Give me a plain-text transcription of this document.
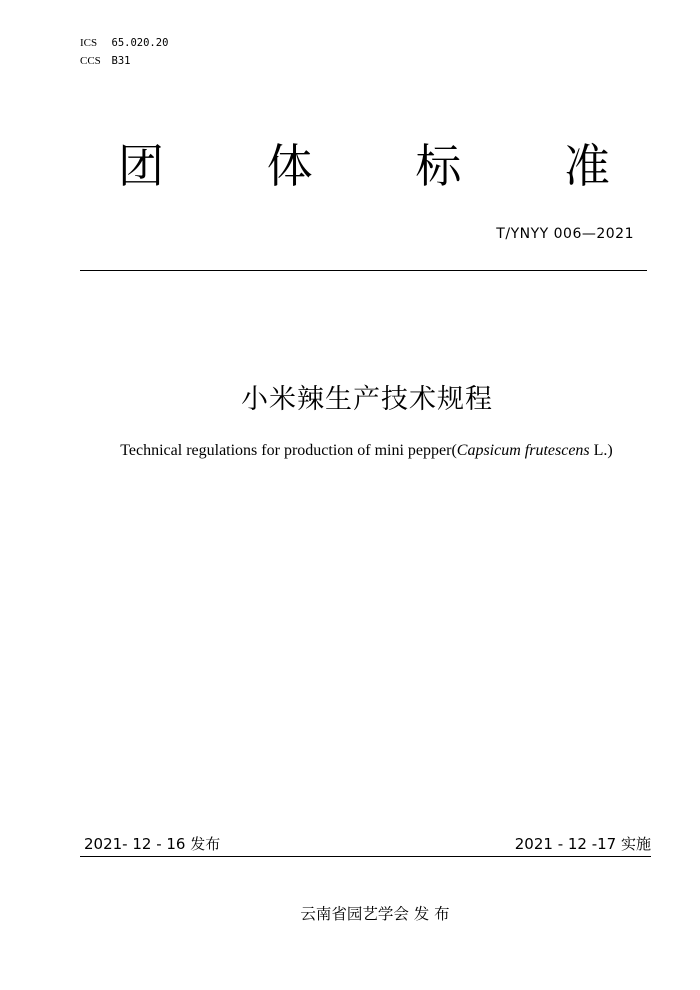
ICS 65.020.20
CCS B31
团 体 标 准
T/YNYY 006—2021
小米辣生产技术规程
Technical regulations for production of mini pepper(Capsicum frutescens L.)
2021- 12 - 16 发布	2021 - 12 -17 实施
云南省园艺学会 发 布
